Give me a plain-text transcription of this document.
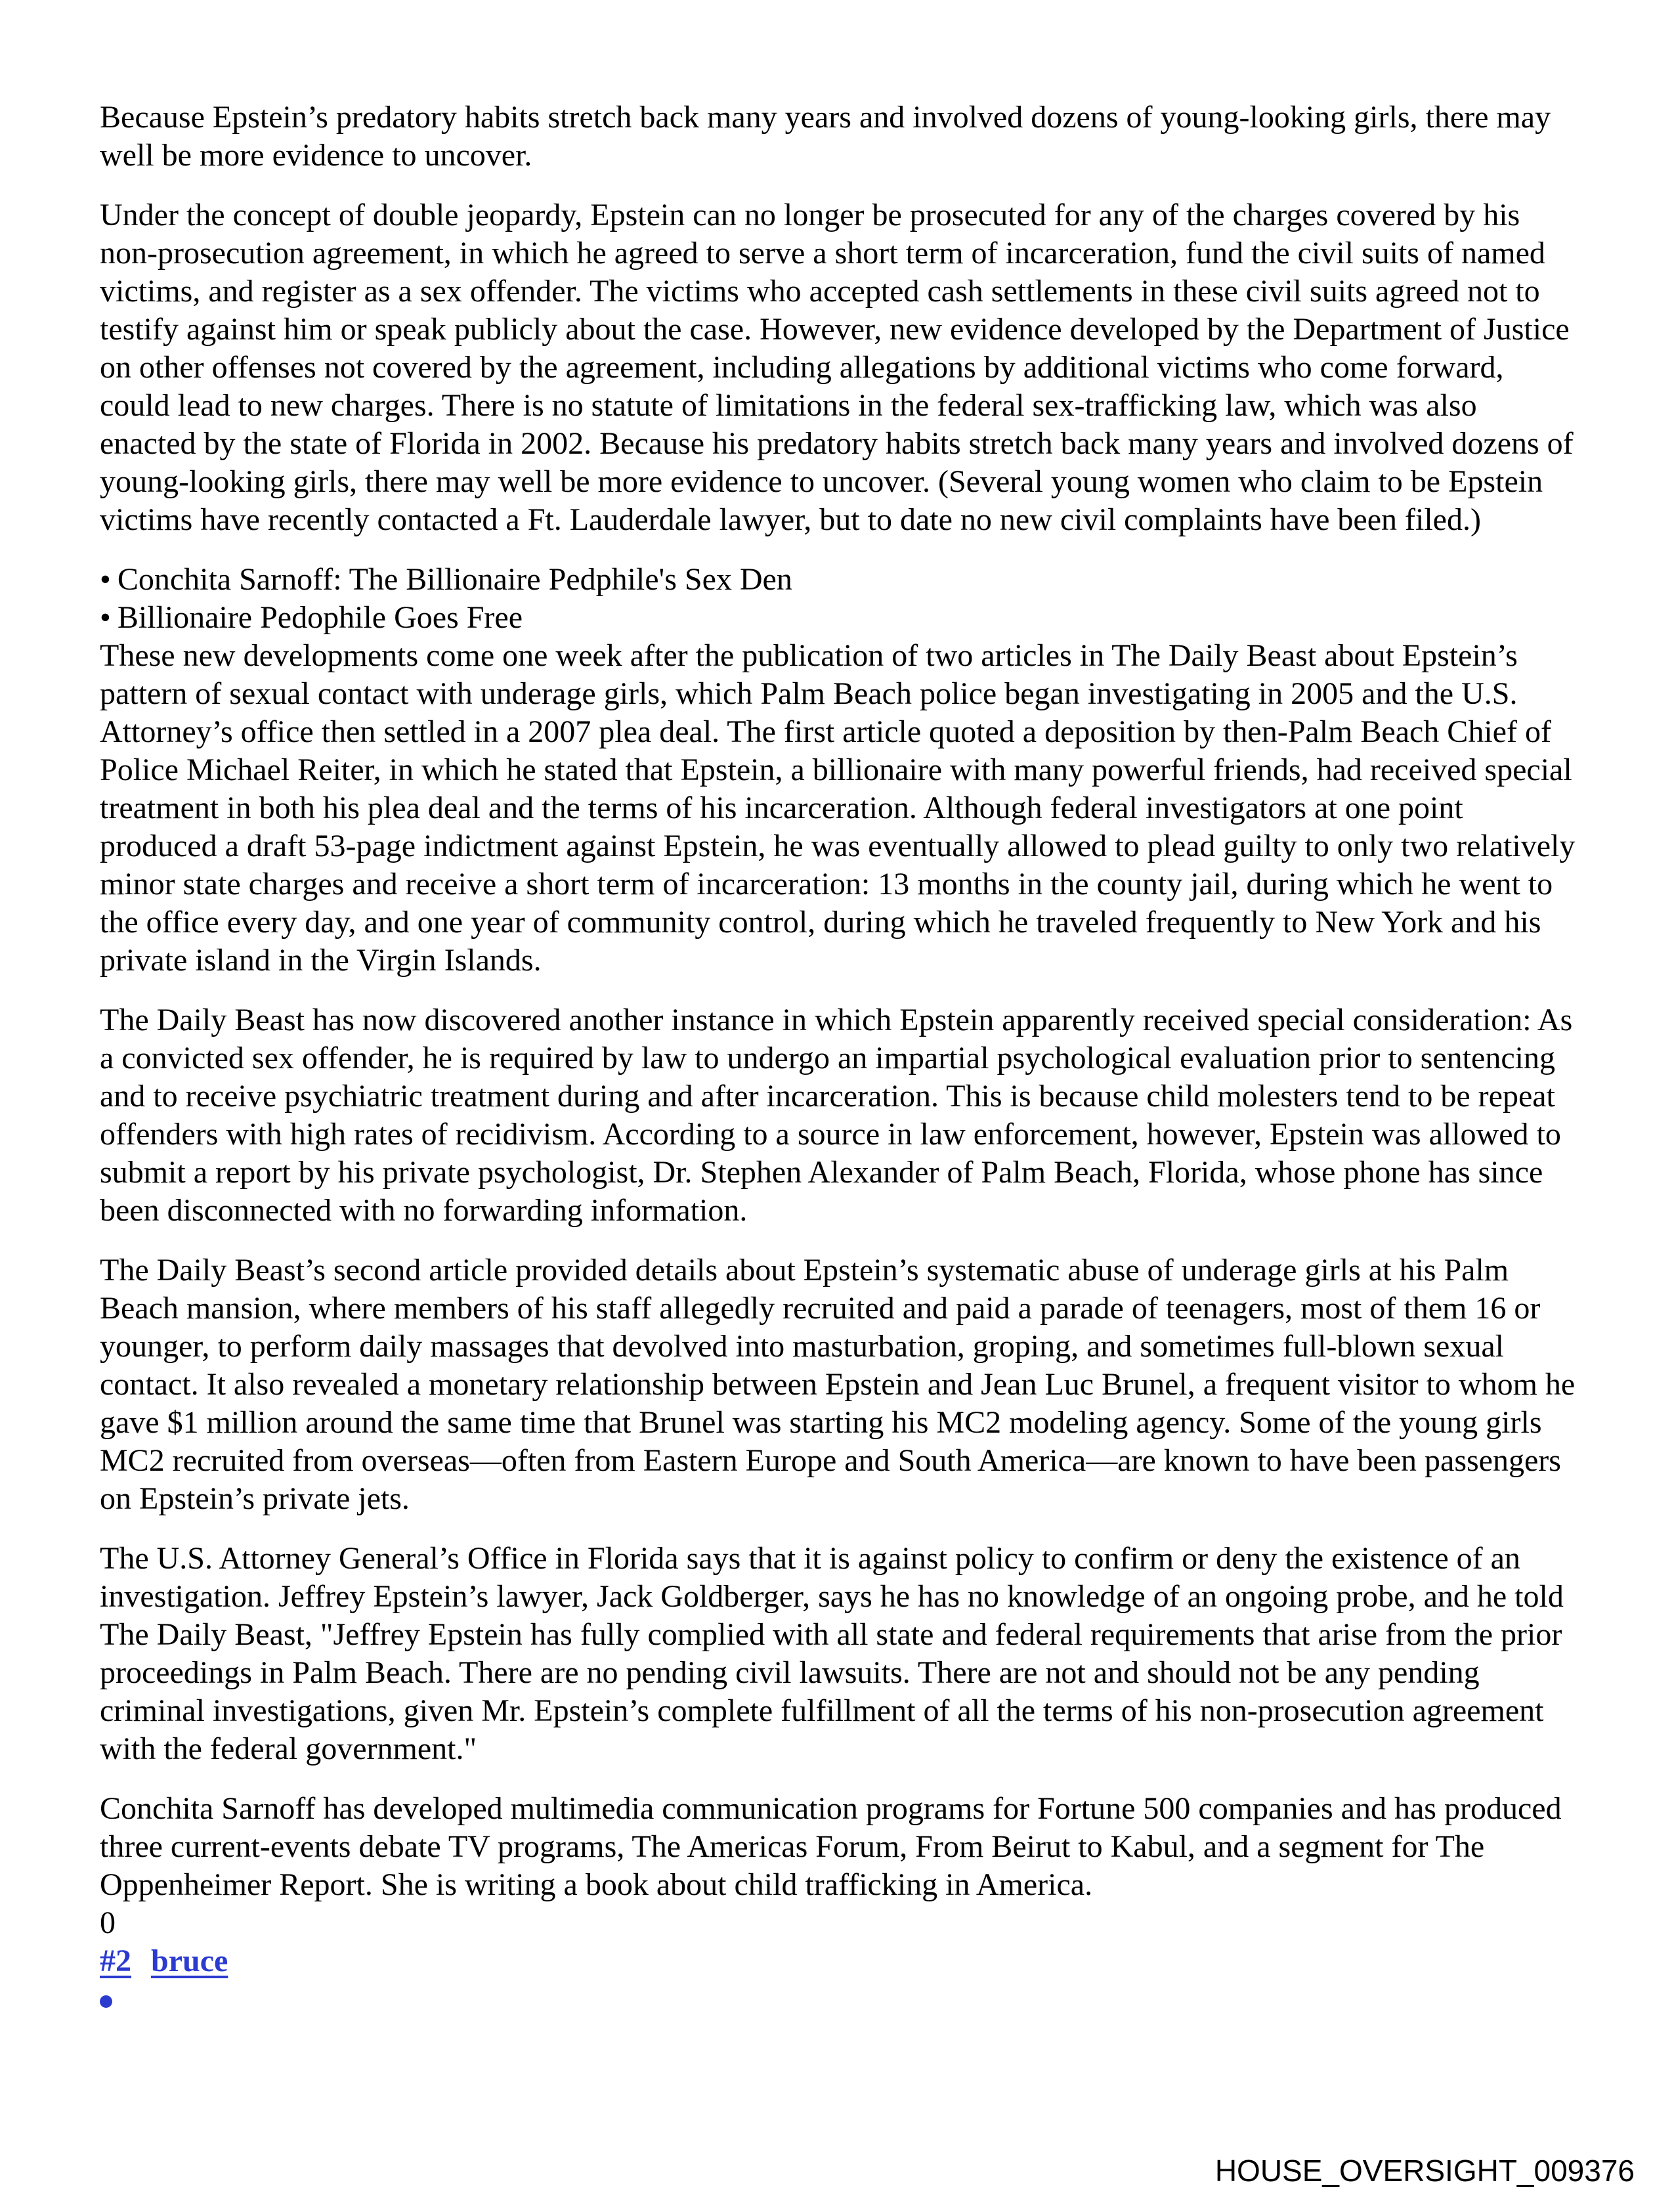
Because Epstein’s predatory habits stretch back many years and involved dozens of young-looking girls, there may well be more evidence to uncover.

Under the concept of double jeopardy, Epstein can no longer be prosecuted for any of the charges covered by his non-prosecution agreement, in which he agreed to serve a short term of incarceration, fund the civil suits of named victims, and register as a sex offender. The victims who accepted cash settlements in these civil suits agreed not to testify against him or speak publicly about the case. However, new evidence developed by the Department of Justice on other offenses not covered by the agreement, including allegations by additional victims who come forward, could lead to new charges. There is no statute of limitations in the federal sex-trafficking law, which was also enacted by the state of Florida in 2002. Because his predatory habits stretch back many years and involved dozens of young-looking girls, there may well be more evidence to uncover. (Several young women who claim to be Epstein victims have recently contacted a Ft. Lauderdale lawyer, but to date no new civil complaints have been filed.)

• Conchita Sarnoff: The Billionaire Pedphile's Sex Den
• Billionaire Pedophile Goes Free

These new developments come one week after the publication of two articles in The Daily Beast about Epstein’s pattern of sexual contact with underage girls, which Palm Beach police began investigating in 2005 and the U.S. Attorney’s office then settled in a 2007 plea deal. The first article quoted a deposition by then-Palm Beach Chief of Police Michael Reiter, in which he stated that Epstein, a billionaire with many powerful friends, had received special treatment in both his plea deal and the terms of his incarceration. Although federal investigators at one point produced a draft 53-page indictment against Epstein, he was eventually allowed to plead guilty to only two relatively minor state charges and receive a short term of incarceration: 13 months in the county jail, during which he went to the office every day, and one year of community control, during which he traveled frequently to New York and his private island in the Virgin Islands.

The Daily Beast has now discovered another instance in which Epstein apparently received special consideration: As a convicted sex offender, he is required by law to undergo an impartial psychological evaluation prior to sentencing and to receive psychiatric treatment during and after incarceration. This is because child molesters tend to be repeat offenders with high rates of recidivism. According to a source in law enforcement, however, Epstein was allowed to submit a report by his private psychologist, Dr. Stephen Alexander of Palm Beach, Florida, whose phone has since been disconnected with no forwarding information.

The Daily Beast’s second article provided details about Epstein’s systematic abuse of underage girls at his Palm Beach mansion, where members of his staff allegedly recruited and paid a parade of teenagers, most of them 16 or younger, to perform daily massages that devolved into masturbation, groping, and sometimes full-blown sexual contact. It also revealed a monetary relationship between Epstein and Jean Luc Brunel, a frequent visitor to whom he gave $1 million around the same time that Brunel was starting his MC2 modeling agency. Some of the young girls MC2 recruited from overseas—often from Eastern Europe and South America—are known to have been passengers on Epstein’s private jets.

The U.S. Attorney General’s Office in Florida says that it is against policy to confirm or deny the existence of an investigation. Jeffrey Epstein’s lawyer, Jack Goldberger, says he has no knowledge of an ongoing probe, and he told The Daily Beast, "Jeffrey Epstein has fully complied with all state and federal requirements that arise from the prior proceedings in Palm Beach. There are no pending civil lawsuits. There are not and should not be any pending criminal investigations, given Mr. Epstein’s complete fulfillment of all the terms of his non-prosecution agreement with the federal government."

Conchita Sarnoff has developed multimedia communication programs for Fortune 500 companies and has produced three current-events debate TV programs, The Americas Forum, From Beirut to Kabul, and a segment for The Oppenheimer Report. She is writing a book about child trafficking in America.

0
#2 bruce
HOUSE_OVERSIGHT_009376
